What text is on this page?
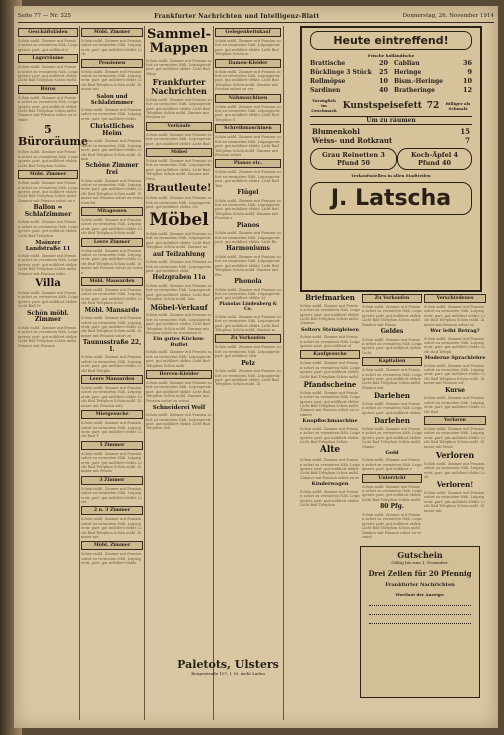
Seite 77 — Nr. 325	Frankfurter Nachrichten und Intelligenz-Blatt	Donnerstag, 26. November 1914
Geschäftsläden
Schön möbl. Zimmer mit Pension sofort zu vermieten Näh. Leipzigerstr. part. gut möbliert e
Lagerräume
Schön möbl. Zimmer mit Pension sofort zu vermieten Näh. Leipzigerstr. part. gut möbliert elektr. Licht Bad Telephon Schön möbl.
Büros
Schön möbl. Zimmer mit Pension sofort zu vermieten Näh. Leipzigerstr. part. gut möbliert elektr. Licht Bad Telephon Schön möbl. Zimmer mit Pension sofort zu vermiet
5 Büroräume
Schön möbl. Zimmer mit Pension sofort zu vermieten Näh. Leipzigerstr. part. gut möbliert elektr. Licht Bad Telephon Schön
Möbl. Zimmer
Schön möbl. Zimmer mit Pension sofort zu vermieten Näh. Leipzigerstr. part. gut möbliert elektr. Licht Bad Telephon Schön möbl. Zimmer mit Pension sofort zu v
Ballon = Schlafzimmer
Schön möbl. Zimmer mit Pension sofort zu vermieten Näh. Leipzigerstr. part. gut möbliert elektr. Licht Bad Telephon
Mainzer Landstraße 11
Schön möbl. Zimmer mit Pension sofort zu vermieten Näh. Leipzigerstr. part. gut möbliert elektr. Licht Bad Telephon Schön möbl. Zimmer mit Pension sofor
Villa
Schön möbl. Zimmer mit Pension sofort zu vermieten Näh. Leipzigerstr. part. gut möbliert elektr. Licht Bad Te
Schön möbl. Zimmer
Schön möbl. Zimmer mit Pension sofort zu vermieten Näh. Leipzigerstr. part. gut möbliert elektr. Licht Bad Telephon Schön möbl. Zimmer mit Pension
Möbl. Zimmer
Schön möbl. Zimmer mit Pension sofort zu vermieten Näh. Leipzigerstr. part. gut möbliert elektr. Lich
Pensionen
Schön möbl. Zimmer mit Pension sofort zu vermieten Näh. Leipzigerstr. part. gut möbliert elektr. Licht Bad Telephon Schön möbl. Zimmer mit
Salon und Schlafzimmer
Schön möbl. Zimmer mit Pension sofort zu vermieten Näh. Leipzigerstr. part. gut möbliert elektr
Christliches Heim
Schön möbl. Zimmer mit Pension sofort zu vermieten Näh. Leipzigerstr. part. gut möbliert elektr. Licht Bad Telephon Schön möbl. Zimm
Schöne Zimmer frei
Schön möbl. Zimmer mit Pension sofort zu vermieten Näh. Leipzigerstr. part. gut möbliert elektr. Licht Bad Telephon Schön möbl. Zimmer mit Pension sofort zu vermieten Nä
Mitagessen
Schön möbl. Zimmer mit Pension sofort zu vermieten Näh. Leipzigerstr. part. gut möbliert elektr. Licht Bad Telephon Schön möbl
Leere Zimmer
Schön möbl. Zimmer mit Pension sofort zu vermieten Näh. Leipzigerstr. part. gut möbliert elektr. Licht Bad Telephon Schön möbl. Zimmer mit Pension sofort zu vermie
Möbl. Mansarden
Schön möbl. Zimmer mit Pension sofort zu vermieten Näh. Leipzigerstr. part. gut möbliert elektr. Licht Bad Telephon Schö
Möbl. Mansarde
Schön möbl. Zimmer mit Pension sofort zu vermieten Näh. Leipzigerstr. part. gut möbliert elektr. Licht Bad Telephon Schön möbl. Zimmer mit Pension sofort zu
Taunusstraße 22, I.
Schön möbl. Zimmer mit Pension sofort zu vermieten Näh. Leipzigerstr. part. gut möbliert elektr. Licht Bad Telepho
Leere Mansarden
Schön möbl. Zimmer mit Pension sofort zu vermieten Näh. Leipzigerstr. part. gut möbliert elektr. Licht Bad Telephon Schön möbl. Zimmer mit Pension sofo
Mietgesuche
Schön möbl. Zimmer mit Pension sofort zu vermieten Näh. Leipzigerstr. part. gut möbliert elektr. Licht Bad T
5 Zimmer
Schön möbl. Zimmer mit Pension sofort zu vermieten Näh. Leipzigerstr. part. gut möbliert elektr. Licht Bad Telephon Schön möbl. Zimmer mit Pensio
3 Zimmer
Schön möbl. Zimmer mit Pension sofort zu vermieten Näh. Leipzigerstr. part. gut möbliert elektr. Licht
2 u. 3 Zimmer
Schön möbl. Zimmer mit Pension sofort zu vermieten Näh. Leipzigerstr. part. gut möbliert elektr. Licht Bad Telephon Schön möbl. Zimmer mit
Möbl. Zimmer
Schön möbl. Zimmer mit Pension sofort zu vermieten Näh. Leipzigerstr. part. gut möbliert elektr.
Sammel-Mappen
Schön möbl. Zimmer mit Pension sofort zu vermieten Näh. Leipzigerstr. part. gut möbliert elektr. Licht Bad Telep
Frankfurter Nachrichten
Schön möbl. Zimmer mit Pension sofort zu vermieten Näh. Leipzigerstr. part. gut möbliert elektr. Licht Bad Telephon Schön möbl. Zimmer mit Pension so
Verkäufe
Schön möbl. Zimmer mit Pension sofort zu vermieten Näh. Leipzigerstr. part. gut möbliert elektr. Licht Bad
Möbel
Schön möbl. Zimmer mit Pension sofort zu vermieten Näh. Leipzigerstr. part. gut möbliert elektr. Licht Bad Telephon Schön möbl. Zimmer mit Pens
Brautleute!
Schön möbl. Zimmer mit Pension sofort zu vermieten Näh. Leipzigerstr. part. gut möbliert elektr. Lic
Möbel
Schön möbl. Zimmer mit Pension sofort zu vermieten Näh. Leipzigerstr. part. gut möbliert elektr. Licht Bad Telephon Schön möbl. Zimmer mi
auf Teilzahlung
Schön möbl. Zimmer mit Pension sofort zu vermieten Näh. Leipzigerstr. part. gut möbliert elekt
Holzgraben 11a
Schön möbl. Zimmer mit Pension sofort zu vermieten Näh. Leipzigerstr. part. gut möbliert elektr. Licht Bad Telephon Schön möbl. Zim
Möbel-Verkauf
Schön möbl. Zimmer mit Pension sofort zu vermieten Näh. Leipzigerstr. part. gut möbliert elektr. Licht Bad Telephon Schön möbl. Zimmer mit Pension sofort zu vermieten N
Ein gutes Küchen-Buffet
Schön möbl. Zimmer mit Pension sofort zu vermieten Näh. Leipzigerstr. part. gut möbliert elektr. Licht Bad Telephon Schön möb
Herren-Kleider
Schön möbl. Zimmer mit Pension sofort zu vermieten Näh. Leipzigerstr. part. gut möbliert elektr. Licht Bad Telephon Schön möbl. Zimmer mit Pension sofort zu vermi
Schneiderei Wolf
Schön möbl. Zimmer mit Pension sofort zu vermieten Näh. Leipzigerstr. part. gut möbliert elektr. Licht Bad Telephon Sch
Gelegenheitskauf
Schön möbl. Zimmer mit Pension sofort zu vermieten Näh. Leipzigerstr. part. gut möbliert elektr. Licht Bad Telephon Schön m
Damen-Kleider
Schön möbl. Zimmer mit Pension sofort zu vermieten Näh. Leipzigerstr. part. gut möbliert elektr. Licht Bad Telephon Schön möbl. Zimmer mit Pension sofort zu ver
Nähmaschinen
Schön möbl. Zimmer mit Pension sofort zu vermieten Näh. Leipzigerstr. part. gut möbliert elektr. Licht Bad Telephon S
Schreibmaschinen
Schön möbl. Zimmer mit Pension sofort zu vermieten Näh. Leipzigerstr. part. gut möbliert elektr. Licht Bad Telephon Schön möbl. Zimmer mit Pension sofort
Pianos etc.
Schön möbl. Zimmer mit Pension sofort zu vermieten Näh. Leipzigerstr. part. gut möbliert elektr. Licht Bad Tele
Flügel
Schön möbl. Zimmer mit Pension sofort zu vermieten Näh. Leipzigerstr. part. gut möbliert elektr. Licht Bad Telephon Schön möbl. Zimmer mit Pension s
Pianos
Schön möbl. Zimmer mit Pension sofort zu vermieten Näh. Leipzigerstr. part. gut möbliert elektr. Licht Ba
Harmoniums
Schön möbl. Zimmer mit Pension sofort zu vermieten Näh. Leipzigerstr. part. gut möbliert elektr. Licht Bad Telephon Schön möbl. Zimmer mit Pen
Phonola
Schön möbl. Zimmer mit Pension sofort zu vermieten Näh. Leipzigerstr. part. gut möbliert elektr. Li
Pianolas Lindenberg & Co.
Schön möbl. Zimmer mit Pension sofort zu vermieten Näh. Leipzigerstr. part. gut möbliert elektr. Licht Bad Telephon Schön möbl. Zimmer m
Zu Verkaufen
Schön möbl. Zimmer mit Pension sofort zu vermieten Näh. Leipzigerstr. part. gut möbliert elek
Pelz
Schön möbl. Zimmer mit Pension sofort zu vermieten Näh. Leipzigerstr. part. gut möbliert elektr. Licht Bad Telephon Schön möbl. Zi
Paletots, Ulsters
Bergerstraße 107, I. St. nicht Laden
Heute eintreffend!
Frische holländische
Brattische	20 Cabliau	36
Bücklinge 3 Stück 25 Heringe	9
Rollmöpse	10 Bism.-Heringe	10
Sardinen	40 Bratheringe	12
Vorzüglich im Geschmack Kunstspeisefett 72	Billiger als Schmalz
Um zu räumen
Blumenkohl	15
Weiss- und Rotkraut	7
Grau Reinetten 3 Pfund 50
Koch-Äpfel 4 Pfund 40
Verkaufsstellen in allen Stadtteilen
J. Latscha
Briefmarken
Schön möbl. Zimmer mit Pension sofort zu vermieten Näh. Leipzigerstr. part. gut möbliert elektr. Licht Bad Telephon Schön möbl. Zimmer
Selters Steinigleisen
Schön möbl. Zimmer mit Pension sofort zu vermieten Näh. Leipzigerstr. part. gut möbliert el
Kaufgesuche
Schön möbl. Zimmer mit Pension sofort zu vermieten Näh. Leipzigerstr. part. gut möbliert elektr. Licht Bad Telephon Schön möbl.
Pfandscheine
Schön möbl. Zimmer mit Pension sofort zu vermieten Näh. Leipzigerstr. part. gut möbliert elektr. Licht Bad Telephon Schön möbl. Zimmer mit Pension sofort zu vermiete
Knopflochmaschine
Schön möbl. Zimmer mit Pension sofort zu vermieten Näh. Leipzigerstr. part. gut möbliert elektr. Licht Bad Telephon Schön
Alte
Schön möbl. Zimmer mit Pension sofort zu vermieten Näh. Leipzigerstr. part. gut möbliert elektr. Licht Bad Telephon Schön möbl. Zimmer mit Pension sofort zu ve
Kinderwagen
Schön möbl. Zimmer mit Pension sofort zu vermieten Näh. Leipzigerstr. part. gut möbliert elektr. Licht Bad Telephon
Zu Verkaufen
Schön möbl. Zimmer mit Pension sofort zu vermieten Näh. Leipzigerstr. part. gut möbliert elektr. Licht Bad Telephon Schön möbl. Zimmer mit Pensio
Geldes
Schön möbl. Zimmer mit Pension sofort zu vermieten Näh. Leipzigerstr. part. gut möbliert elektr. Licht
Kapitalien
Schön möbl. Zimmer mit Pension sofort zu vermieten Näh. Leipzigerstr. part. gut möbliert elektr. Licht Bad Telephon Schön möbl. Zimmer mit
Darlehen
Schön möbl. Zimmer mit Pension sofort zu vermieten Näh. Leipzigerstr. part. gut möbliert elektr.
Darlehen
Schön möbl. Zimmer mit Pension sofort zu vermieten Näh. Leipzigerstr. part. gut möbliert elektr. Licht Bad Telephon Schön möbl. Zimme
Gold
Schön möbl. Zimmer mit Pension sofort zu vermieten Näh. Leipzigerstr. part. gut möbliert e
Unterricht
Schön möbl. Zimmer mit Pension sofort zu vermieten Näh. Leipzigerstr. part. gut möbliert elektr. Licht Bad Telephon Schön möbl.
80 Pfg.
Schön möbl. Zimmer mit Pension sofort zu vermieten Näh. Leipzigerstr. part. gut möbliert elektr. Licht Bad Telephon Schön möbl. Zimmer mit Pension sofort zu vermiet
Verschiedenes
Schön möbl. Zimmer mit Pension sofort zu vermieten Näh. Leipzigerstr. part. gut möbliert elektr. Licht Bad Telephon Schön möbl. Zimmer mit Pension sofort zu
Wer leiht Betrag?
Schön möbl. Zimmer mit Pension sofort zu vermieten Näh. Leipzigerstr. part. gut möbliert elektr. Licht Bad Teleph
Moderne Sprachlehre
Schön möbl. Zimmer mit Pension sofort zu vermieten Näh. Leipzigerstr. part. gut möbliert elektr. Licht Bad Telephon Schön möbl. Zimmer mit Pension sof
Kurse
Schön möbl. Zimmer mit Pension sofort zu vermieten Näh. Leipzigerstr. part. gut möbliert elektr. Licht Bad
Verloren
Schön möbl. Zimmer mit Pension sofort zu vermieten Näh. Leipzigerstr. part. gut möbliert elektr. Licht Bad Telephon Schön möbl. Zimmer mit Pensi
Verloren
Schön möbl. Zimmer mit Pension sofort zu vermieten Näh. Leipzigerstr. part. gut möbliert elektr. Lich
Verloren!
Schön möbl. Zimmer mit Pension sofort zu vermieten Näh. Leipzigerstr. part. gut möbliert elektr. Licht Bad Telephon Schön möbl. Zimmer mit
Gutschein
Gültig bis zum 1. Dezember.
Drei Zeilen für 20 Pfennig
Frankfurter Nachrichten
Wortlaut der Anzeige:
